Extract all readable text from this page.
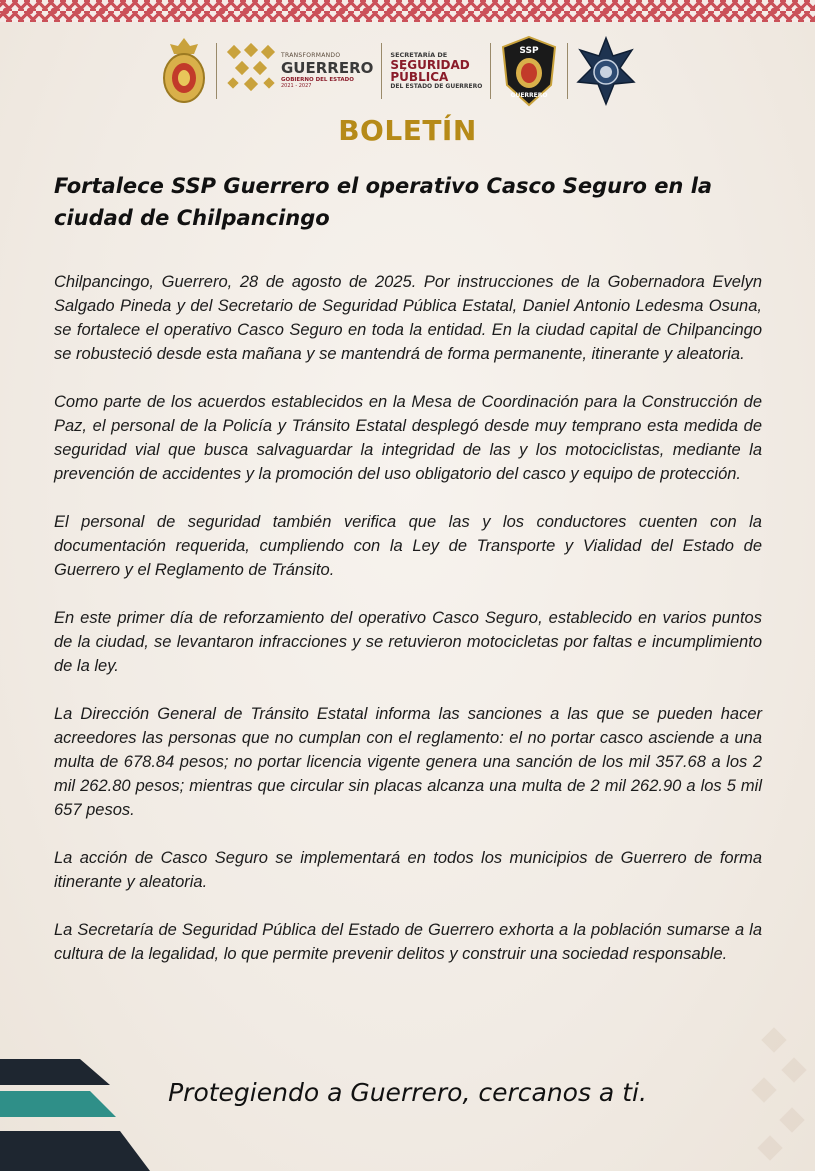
TRANSFORMANDO
GUERRERO
GOBIERNO DEL ESTADO
2021 - 2027
SECRETARÍA DE
SEGURIDAD
PÚBLICA
DEL ESTADO DE GUERRERO
SSP
GUERRERO
BOLETÍN
Fortalece SSP Guerrero el operativo Casco Seguro en la ciudad de Chilpancingo

Chilpancingo, Guerrero, 28 de agosto de 2025. Por instrucciones de la Gobernadora Evelyn Salgado Pineda y del Secretario de Seguridad Pública Estatal, Daniel Antonio Ledesma Osuna, se fortalece el operativo Casco Seguro en toda la entidad. En la ciudad capital de Chilpancingo se robusteció desde esta mañana y se mantendrá de forma permanente, itinerante y aleatoria.

Como parte de los acuerdos establecidos en la Mesa de Coordinación para la Construcción de Paz, el personal de la Policía y Tránsito Estatal desplegó desde muy temprano esta medida de seguridad vial que busca salvaguardar la integridad de las y los motociclistas, mediante la prevención de accidentes y la promoción del uso obligatorio del casco y equipo de protección.

El personal de seguridad también verifica que las y los conductores cuenten con la documentación requerida, cumpliendo con la Ley de Transporte y Vialidad del Estado de Guerrero y el Reglamento de Tránsito.

En este primer día de reforzamiento del operativo Casco Seguro, establecido en varios puntos de la ciudad, se levantaron infracciones y se retuvieron motocicletas por faltas e incumplimiento de la ley.

La Dirección General de Tránsito Estatal informa las sanciones a las que se pueden hacer acreedores las personas que no cumplan con el reglamento: el no portar casco asciende a una multa de 678.84 pesos; no portar licencia vigente genera una sanción de los mil 357.68 a los 2 mil 262.80 pesos; mientras que circular sin placas alcanza una multa de 2 mil 262.90 a los 5 mil 657 pesos.

La acción de Casco Seguro se implementará en todos los municipios de Guerrero de forma itinerante y aleatoria.

La Secretaría de Seguridad Pública del Estado de Guerrero exhorta a la población sumarse a la cultura de la legalidad, lo que permite prevenir delitos y construir una sociedad responsable.

Protegiendo a Guerrero, cercanos a ti.
